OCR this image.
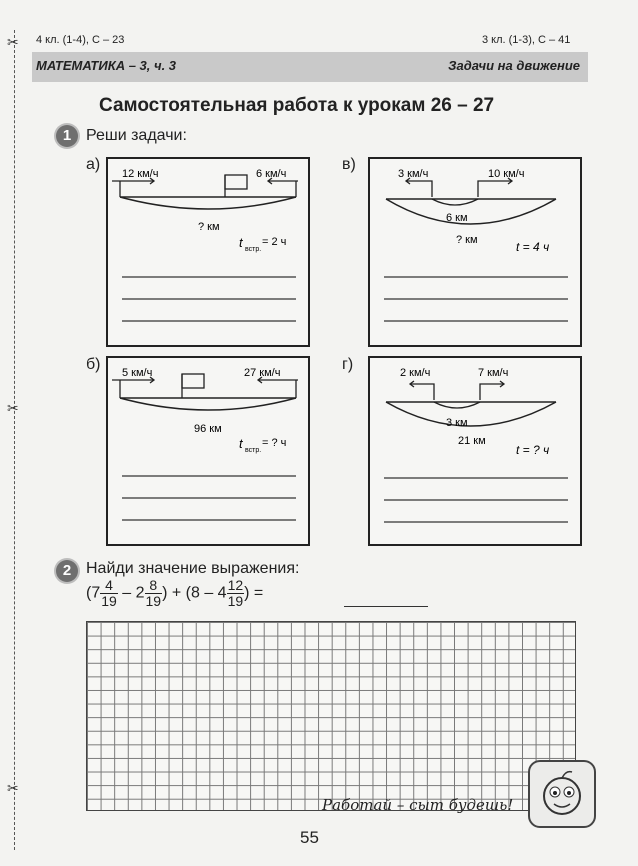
✂
✂
✂
4 кл. (1-4), С – 23	3 кл. (1-3), С – 41
МАТЕМАТИКА – 3, ч. 3	Задачи на движение
Самостоятельная работа к урокам 26 – 27
1 Реши задачи:
а)
12 км/ч	6 км/ч
? км
t встр.
= 2 ч
в)
3 км/ч	10 км/ч
6 км
? км	t = 4 ч
б) 5 км/ч	27 км/ч
96 км
t встр.
= ? ч
г)	2 км/ч	7 км/ч
3 км
21 км
t = ? ч
2 Найди значение выражения:
($7 \frac{4}{19} - 2 \frac{8}{19}$ ) + ($8 - 4 \frac{12}{19}$ ) =
Работай – сыт будешь!
55
